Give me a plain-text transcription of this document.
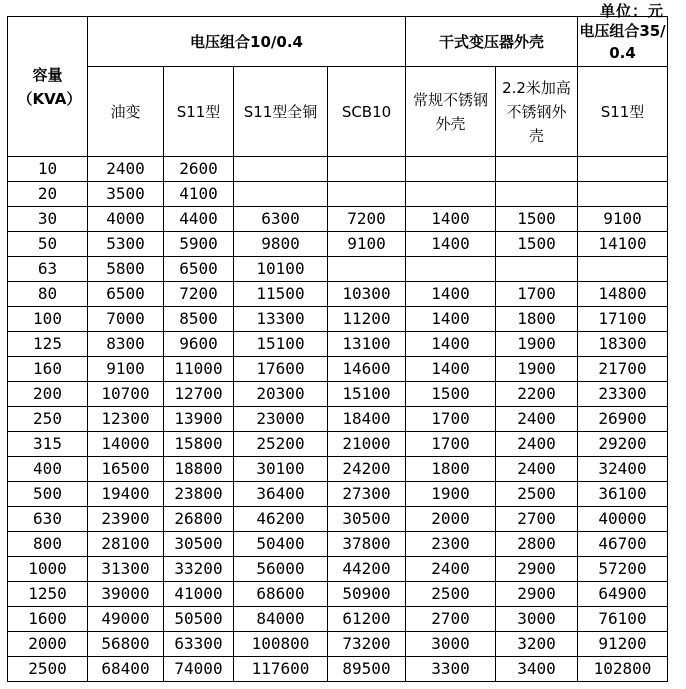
单位：元
容量（KVA）	电压组合10/0.4				干式变压器外壳		电压组合35/0.4
	油变	S11型	S11型全铜	SCB10	常规不锈钢外壳	2.2米加高不锈钢外壳	S11型
10	2400	2600					
20	3500	4100					
30	4000	4400	6300	7200	1400	1500	9100
50	5300	5900	9800	9100	1400	1500	14100
63	5800	6500	10100				
80	6500	7200	11500	10300	1400	1700	14800
100	7000	8500	13300	11200	1400	1800	17100
125	8300	9600	15100	13100	1400	1900	18300
160	9100	11000	17600	14600	1400	1900	21700
200	10700	12700	20300	15100	1500	2200	23300
250	12300	13900	23000	18400	1700	2400	26900
315	14000	15800	25200	21000	1700	2400	29200
400	16500	18800	30100	24200	1800	2400	32400
500	19400	23800	36400	27300	1900	2500	36100
630	23900	26800	46200	30500	2000	2700	40000
800	28100	30500	50400	37800	2300	2800	46700
1000	31300	33200	56000	44200	2400	2900	57200
1250	39000	41000	68600	50900	2500	2900	64900
1600	49000	50500	84000	61200	2700	3000	76100
2000	56800	63300	100800	73200	3000	3200	91200
2500	68400	74000	117600	89500	3300	3400	102800
